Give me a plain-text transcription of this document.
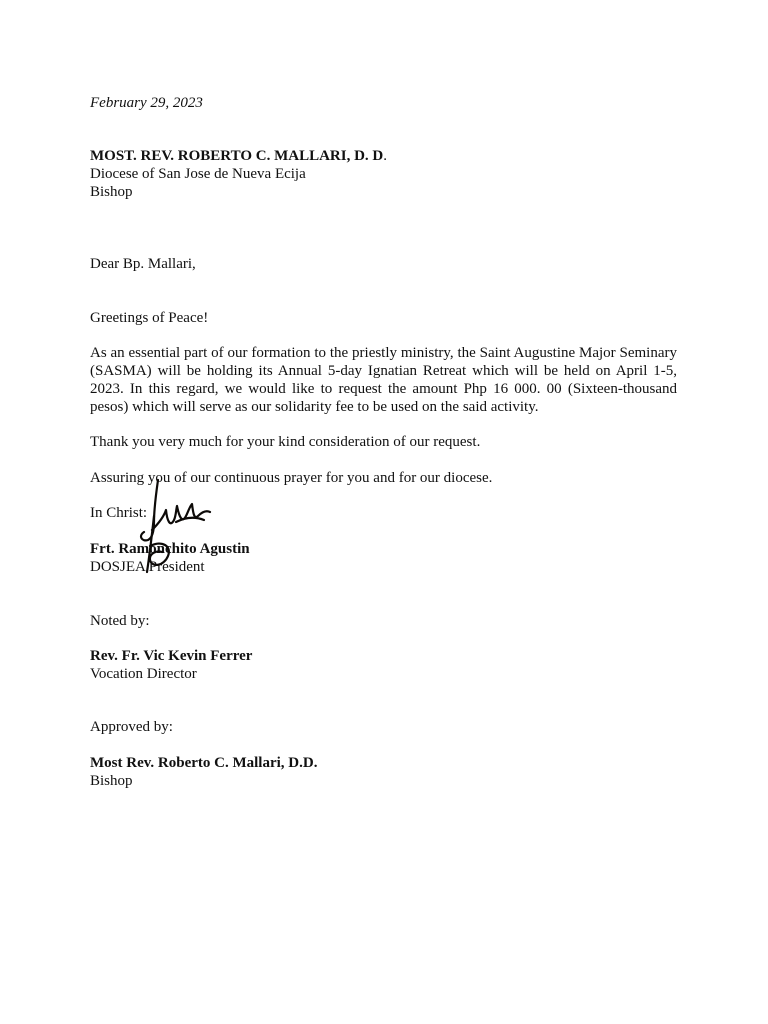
February 29, 2023
MOST. REV. ROBERTO C. MALLARI, D. D.
Diocese of San Jose de Nueva Ecija
Bishop
Dear Bp. Mallari,
Greetings of Peace!
As an essential part of our formation to the priestly ministry, the Saint Augustine Major Seminary (SASMA) will be holding its Annual 5-day Ignatian Retreat which will be held on April 1-5, 2023. In this regard, we would like to request the amount Php 16 000. 00 (Sixteen-thousand pesos) which will serve as our solidarity fee to be used on the said activity.
Thank you very much for your kind consideration of our request.
Assuring you of our continuous prayer for you and for our diocese.
In Christ:
Frt. Ramonchito Agustin
DOSJEA President
Noted by:
Rev. Fr. Vic Kevin Ferrer
Vocation Director
Approved by:
Most Rev. Roberto C. Mallari, D.D.
Bishop
